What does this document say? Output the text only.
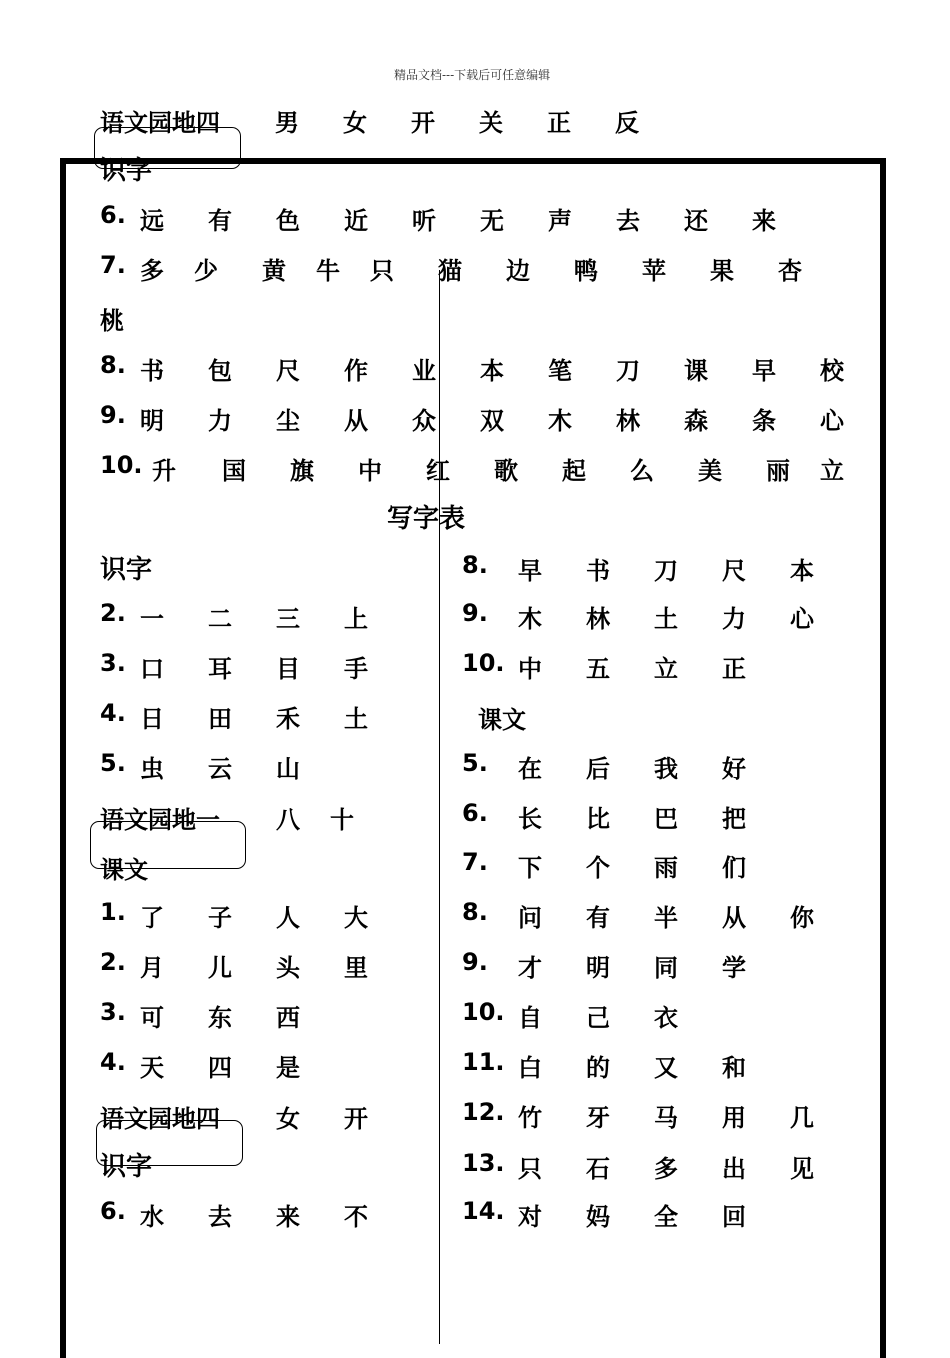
精品文档---下载后可任意编辑
语文园地四 男 女 开 关 正 反
识字
6. 远 有 色 近 听 无 声 去 还 来
7. 多 少 黄 牛 只 猫 边 鸭 苹 果 杏
桃
8. 书 包 尺 作 业 本 笔 刀 课 早 校
9. 明 力 尘 从 众 双 木 林 森 条 心
10. 升 国 旗 中 红 歌 起 么 美 丽 立
写字表
识字
2. 一 二 三 上
3. 口 耳 目 手
4. 日 田 禾 土
5. 虫 云 山
语文园地一 八 十
课文
1. 了 子 人 大
2. 月 儿 头 里
3. 可 东 西
4. 天 四 是
语文园地四 女 开
识字
6. 水 去 来 不
8. 早 书 刀 尺 本
9. 木 林 土 力 心
10. 中 五 立 正
课文
5. 在 后 我 好
6. 长 比 巴 把
7. 下 个 雨 们
8. 问 有 半 从 你
9. 才 明 同 学
10. 自 己 衣
11. 白 的 又 和
12. 竹 牙 马 用 几
13. 只 石 多 出 见
14. 对 妈 全 回
